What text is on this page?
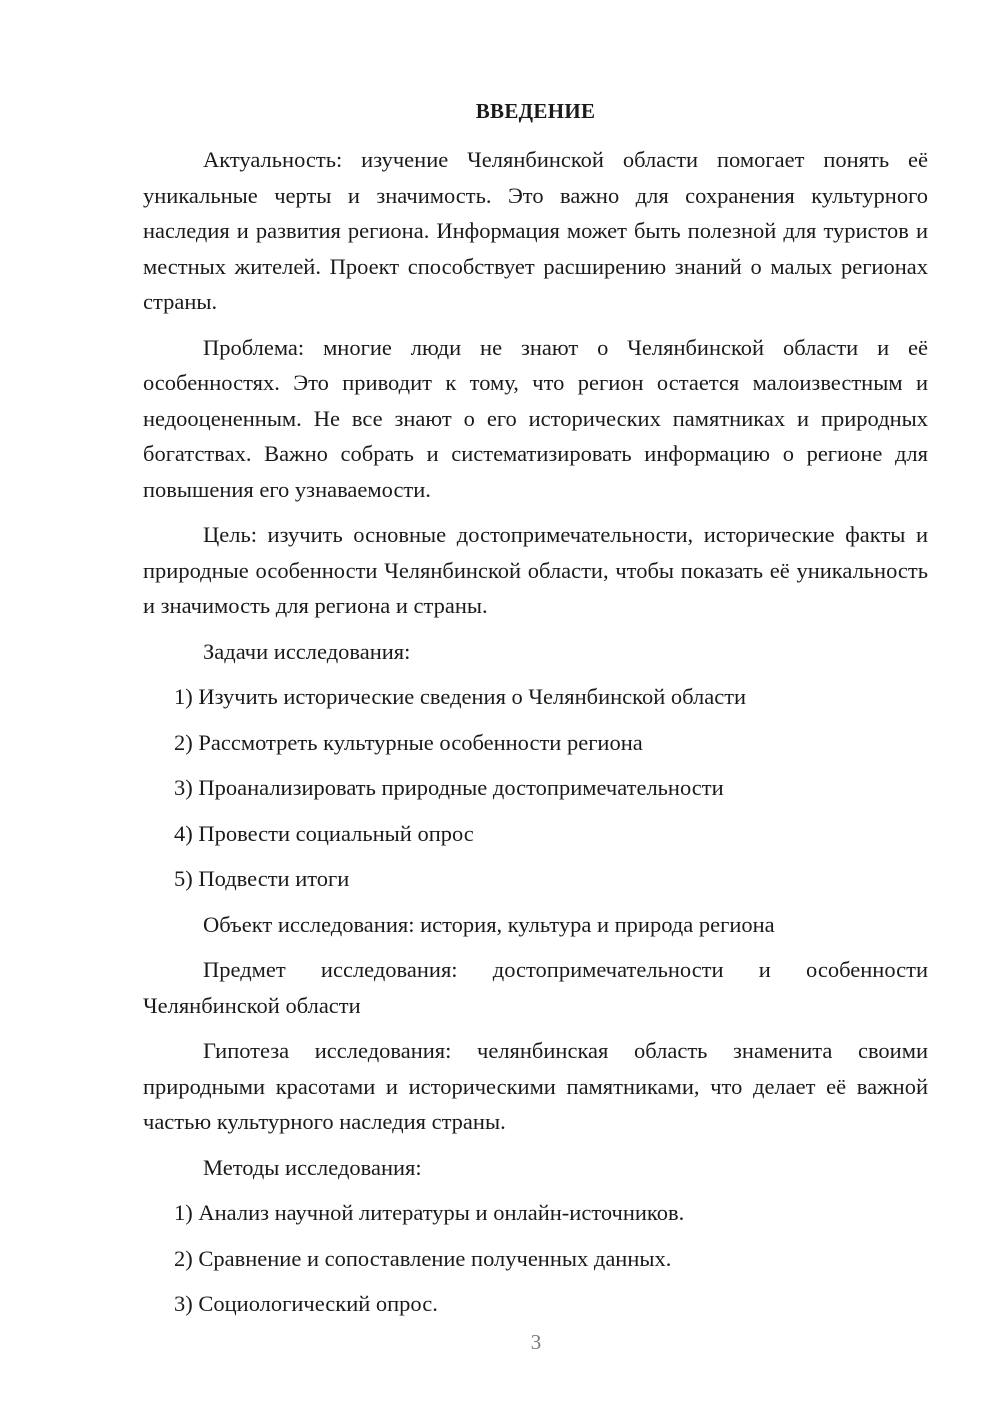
ВВЕДЕНИЕ

Актуальность: изучение Челянбинской области помогает понять её уникальные черты и значимость. Это важно для сохранения культурного наследия и развития региона. Информация может быть полезной для туристов и местных жителей. Проект способствует расширению знаний о малых регионах страны.

Проблема: многие люди не знают о Челянбинской области и её особенностях. Это приводит к тому, что регион остается малоизвестным и недооцененным. Не все знают о его исторических памятниках и природных богатствах. Важно собрать и систематизировать информацию о регионе для повышения его узнаваемости.

Цель: изучить основные достопримечательности, исторические факты и природные особенности Челянбинской области, чтобы показать её уникальность и значимость для региона и страны.

Задачи исследования:

1) Изучить исторические сведения о Челянбинской области
2) Рассмотреть культурные особенности региона
3) Проанализировать природные достопримечательности
4) Провести социальный опрос
5) Подвести итоги

Объект исследования: история, культура и природа региона

Предмет исследования: достопримечательности и особенности Челянбинской области

Гипотеза исследования: челянбинская область знаменита своими природными красотами и историческими памятниками, что делает её важной частью культурного наследия страны.

Методы исследования:

1) Анализ научной литературы и онлайн-источников.
2) Сравнение и сопоставление полученных данных.
3) Социологический опрос.
3
